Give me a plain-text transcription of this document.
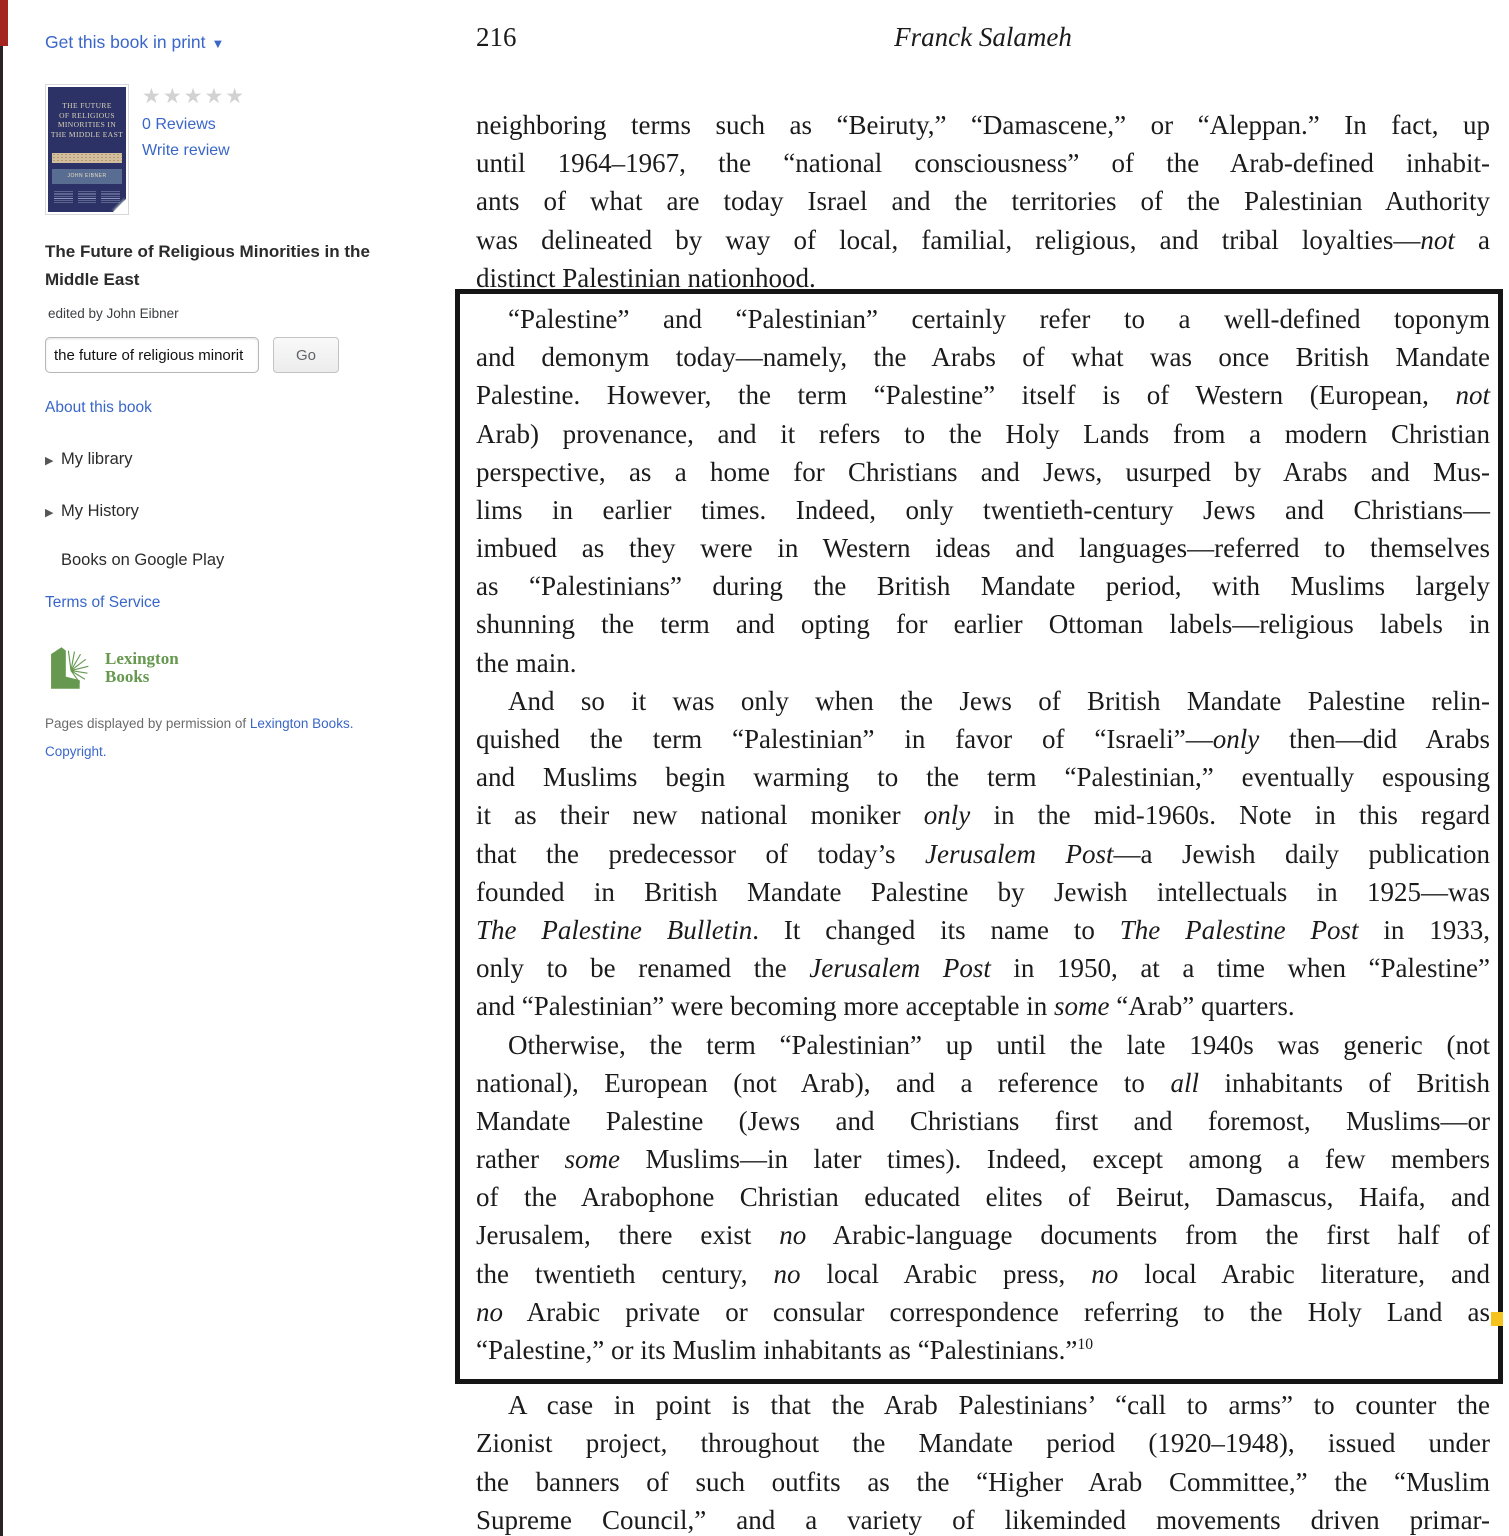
Get this book in print ▼
THE FUTURE
OF RELIGIOUS
MINORITIES IN
THE MIDDLE EAST
JOHN EIBNER
★★★★★
0 Reviews
Write review
The Future of Religious Minorities in the Middle East
edited by John Eibner
the future of religious minorit
Go
About this book
▶ My library
▶ My History
Books on Google Play
Terms of Service
Lexington
Books
Pages displayed by permission of Lexington Books. Copyright.
216	Franck Salameh
neighboring terms such as “Beiruty,” “Damascene,” or “Aleppan.” In fact, up
until 1964–1967, the “national consciousness” of the Arab-defined inhabit-
ants of what are today Israel and the territories of the Palestinian Authority
was delineated by way of local, familial, religious, and tribal loyalties—not a
distinct Palestinian nationhood.
“Palestine” and “Palestinian” certainly refer to a well-defined toponym
and demonym today—namely, the Arabs of what was once British Mandate
Palestine. However, the term “Palestine” itself is of Western (European, not
Arab) provenance, and it refers to the Holy Lands from a modern Christian
perspective, as a home for Christians and Jews, usurped by Arabs and Mus-
lims in earlier times. Indeed, only twentieth-century Jews and Christians—
imbued as they were in Western ideas and languages—referred to themselves
as “Palestinians” during the British Mandate period, with Muslims largely
shunning the term and opting for earlier Ottoman labels—religious labels in
the main.
And so it was only when the Jews of British Mandate Palestine relin-
quished the term “Palestinian” in favor of “Israeli”—only then—did Arabs
and Muslims begin warming to the term “Palestinian,” eventually espousing
it as their new national moniker only in the mid-1960s. Note in this regard
that the predecessor of today’s Jerusalem Post—a Jewish daily publication
founded in British Mandate Palestine by Jewish intellectuals in 1925—was
The Palestine Bulletin. It changed its name to The Palestine Post in 1933,
only to be renamed the Jerusalem Post in 1950, at a time when “Palestine”
and “Palestinian” were becoming more acceptable in some “Arab” quarters.
Otherwise, the term “Palestinian” up until the late 1940s was generic (not
national), European (not Arab), and a reference to all inhabitants of British
Mandate Palestine (Jews and Christians first and foremost, Muslims—or
rather some Muslims—in later times). Indeed, except among a few members
of the Arabophone Christian educated elites of Beirut, Damascus, Haifa, and
Jerusalem, there exist no Arabic-language documents from the first half of
the twentieth century, no local Arabic press, no local Arabic literature, and
no Arabic private or consular correspondence referring to the Holy Land as
“Palestine,” or its Muslim inhabitants as “Palestinians.”$^{10}$
A case in point is that the Arab Palestinians’ “call to arms” to counter the
Zionist project, throughout the Mandate period (1920–1948), issued under
the banners of such outfits as the “Higher Arab Committee,” the “Muslim
Supreme Council,” and a variety of likeminded movements driven primar-
